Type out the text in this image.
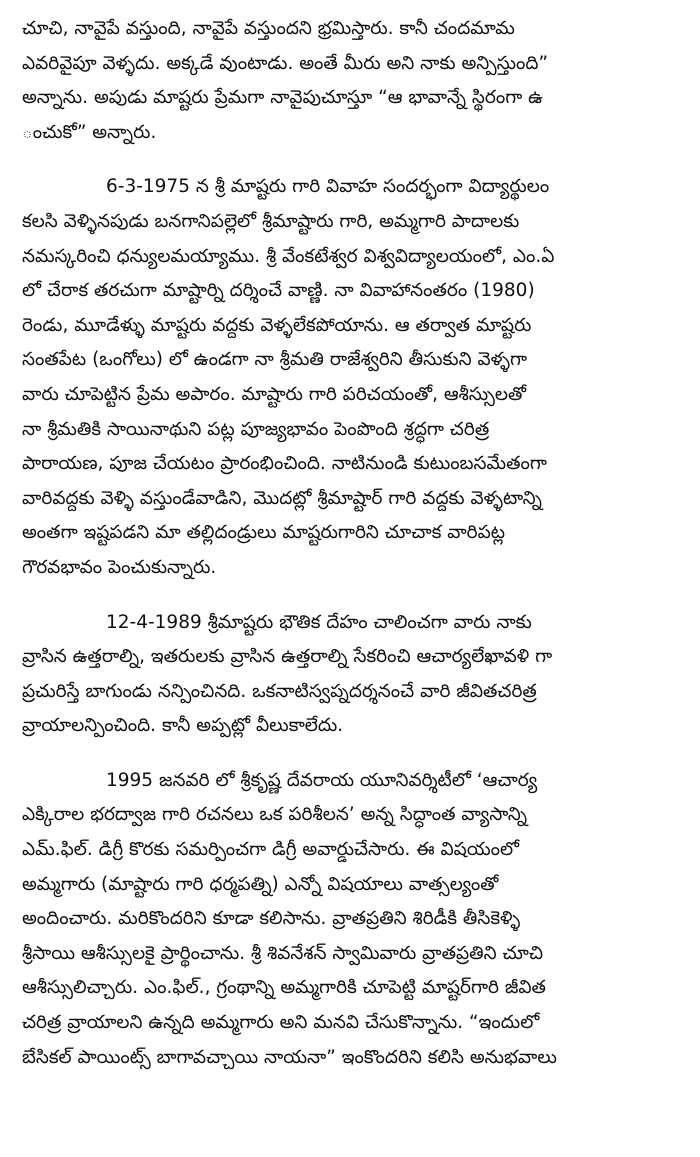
చూచి, నావైపే వస్తుంది, నావైపే వస్తుందని భ్రమిస్తారు. కానీ చందమామ
ఎవరివైపూ వెళ్ళదు. అక్కడే వుంటాడు. అంతే మీరు అని నాకు అన్పిస్తుంది”
అన్నాను. అపుడు మాష్టరు ప్రేమగా నావైపుచూస్తూ “ఆ భావాన్నే స్థిరంగా ఉ
ంచుకో” అన్నారు.

6-3-1975 న శ్రీ మాష్టరు గారి వివాహ సందర్భంగా విద్యార్థులం
కలసి వెళ్ళినపుడు బనగానిపల్లెలో శ్రీమాష్టారు గారి, అమ్మగారి పాదాలకు
నమస్కరించి ధన్యులమయ్యాము. శ్రీ వేంకటేశ్వర విశ్వవిద్యాలయంలో, ఎం.ఏ
లో చేరాక తరచుగా మాష్టార్ని దర్శించే వాణ్ణి. నా వివాహానంతరం (1980)
రెండు, మూడేళ్ళు మాష్టరు వద్దకు వెళ్ళలేకపోయాను. ఆ తర్వాత మాష్టరు
సంతపేట (ఒంగోలు) లో ఉండగా నా శ్రీమతి రాజేశ్వరిని తీసుకుని వెళ్ళగా
వారు చూపెట్టిన ప్రేమ అపారం. మాష్టారు గారి పరిచయంతో, ఆశీస్సులతో
నా శ్రీమతికి సాయినాథుని పట్ల పూజ్యభావం పెంపొంది శ్రద్ధగా చరిత్ర
పారాయణ, పూజ చేయటం ప్రారంభించింది. నాటినుండి కుటుంబసమేతంగా
వారివద్దకు వెళ్ళి వస్తుండేవాడిని, మొదట్లో శ్రీమాష్టార్ గారి వద్దకు వెళ్ళటాన్ని
అంతగా ఇష్టపడని మా తల్లిదండ్రులు మాష్టరుగారిని చూచాక వారిపట్ల
గౌరవభావం పెంచుకున్నారు.

12-4-1989 శ్రీమాష్టరు భౌతిక దేహం చాలించగా వారు నాకు
వ్రాసిన ఉత్తరాల్ని, ఇతరులకు వ్రాసిన ఉత్తరాల్ని సేకరించి ఆచార్యలేఖావళి గా
ప్రచురిస్తే బాగుండు నన్పించినది. ఒకనాటిస్వప్నదర్శనంచే వారి జీవితచరిత్ర
వ్రాయాలన్పించింది. కానీ అప్పట్లో వీలుకాలేదు.

1995 జనవరి లో శ్రీకృష్ణ దేవరాయ యూనివర్శిటీలో ‘ఆచార్య
ఎక్కిరాల భరద్వాజ గారి రచనలు ఒక పరిశీలన’ అన్న సిద్ధాంత వ్యాసాన్ని
ఎమ్.ఫిల్. డిగ్రీ కొరకు సమర్పించగా డిగ్రీ అవార్డుచేసారు. ఈ విషయంలో
అమ్మగారు (మాష్టారు గారి ధర్మపత్ని) ఎన్నో విషయాలు వాత్సల్యంతో
అందించారు. మరికొందరిని కూడా కలిసాను. వ్రాతప్రతిని శిరిడీకి తీసికెళ్ళి
శ్రీసాయి ఆశీస్సులకై ప్రార్థించాను. శ్రీ శివనేశన్ స్వామివారు వ్రాతప్రతిని చూచి
ఆశీస్సులిచ్చారు. ఎం.ఫిల్., గ్రంథాన్ని అమ్మగారికి చూపెట్టి మాష్టర్‌గారి జీవిత
చరిత్ర వ్రాయాలని ఉన్నది అమ్మగారు అని మనవి చేసుకొన్నాను. “ఇందులో
బేసికల్ పాయింట్స్ బాగావచ్చాయి నాయనా” ఇంకొందరిని కలిసి అనుభవాలు
